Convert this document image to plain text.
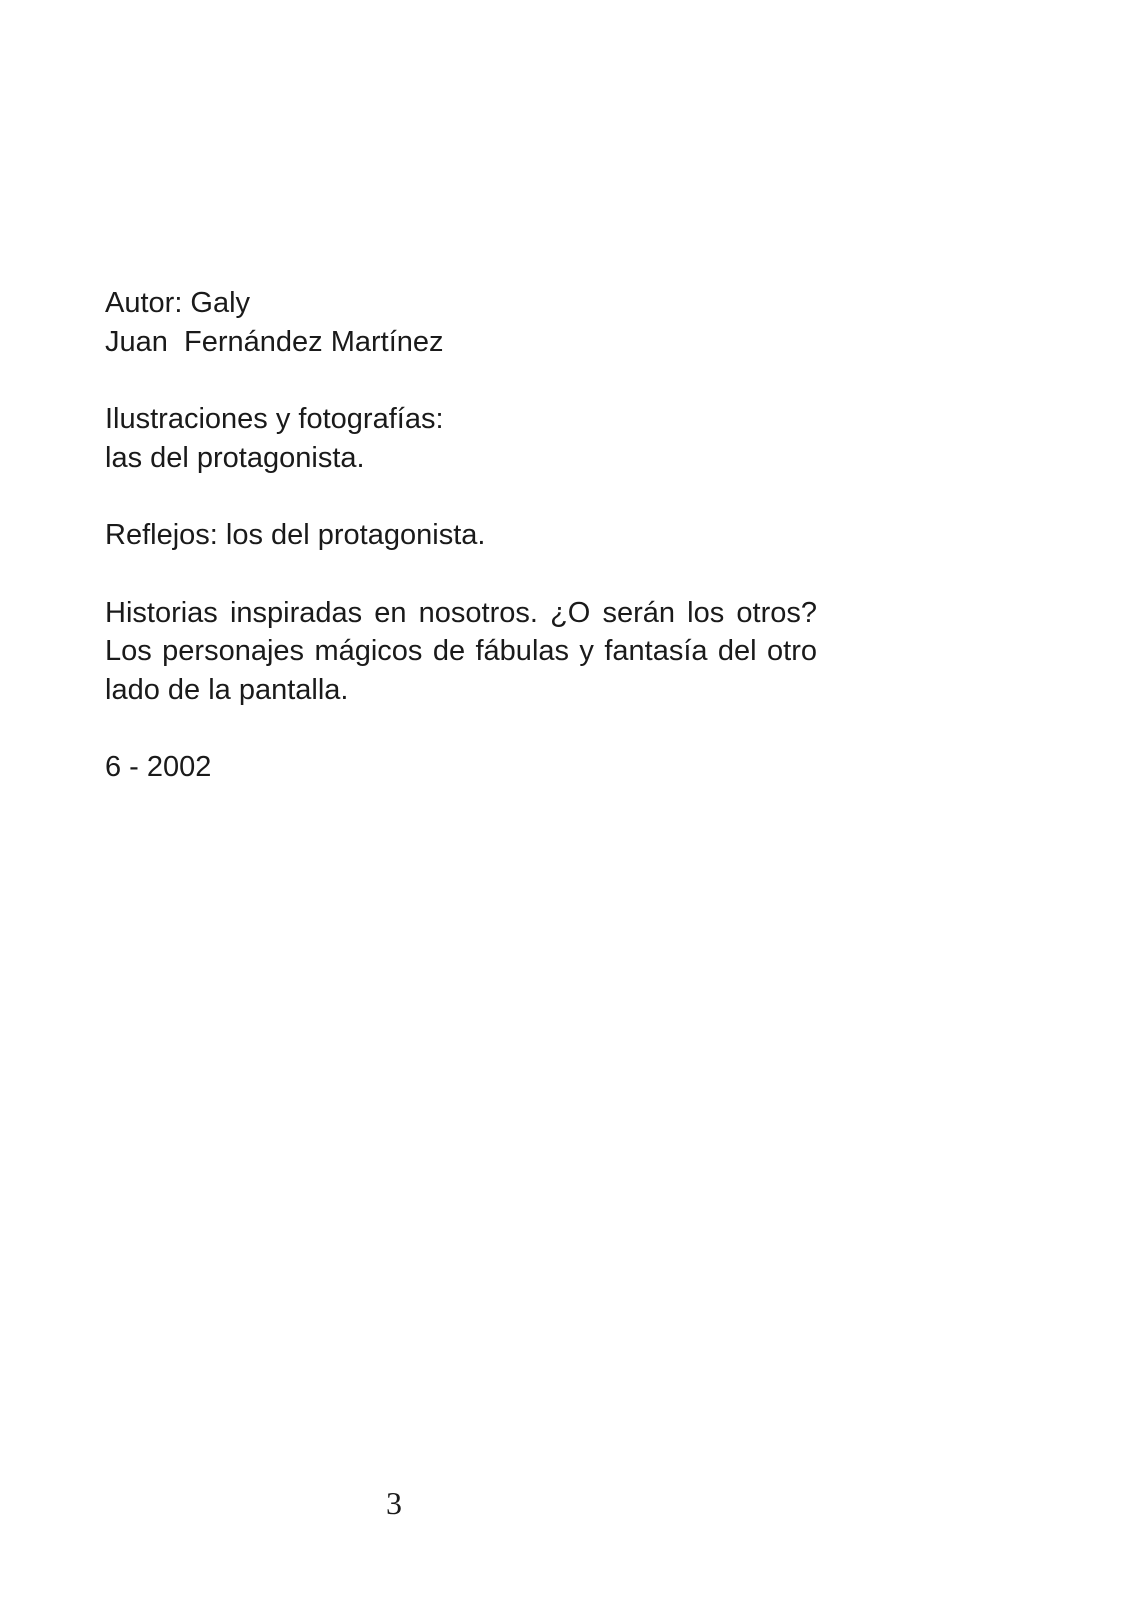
Autor: Galy
Juan  Fernández Martínez
Ilustraciones y fotografías:
las del protagonista.
Reflejos: los del protagonista.

Historias inspiradas en nosotros. ¿O serán los otros? Los personajes mágicos de fábulas y fantasía del otro lado de la pantalla.

6 - 2002
3
